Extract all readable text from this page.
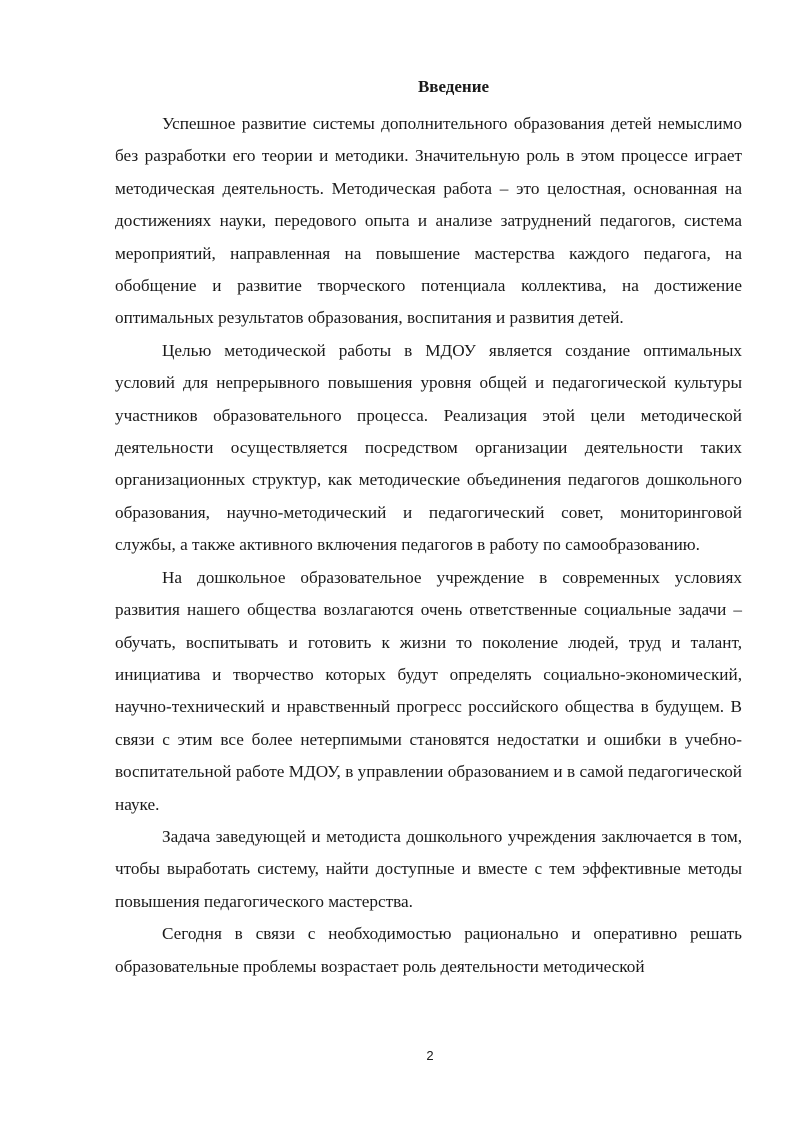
Введение

Успешное развитие системы дополнительного образования детей немыслимо без разработки его теории и методики. Значительную роль в этом процессе играет методическая деятельность. Методическая работа – это целостная, основанная на достижениях науки, передового опыта и анализе затруднений педагогов, система мероприятий, направленная на повышение мастерства каждого педагога, на обобщение и развитие творческого потенциала коллектива, на достижение оптимальных результатов образования, воспитания и развития детей.

Целью методической работы в МДОУ является создание оптимальных условий для непрерывного повышения уровня общей и педагогической культуры участников образовательного процесса. Реализация этой цели методической деятельности осуществляется посредством организации деятельности таких организационных структур, как методические объединения педагогов дошкольного образования, научно-методический и педагогический совет, мониторинговой службы, а также активного включения педагогов в работу по самообразованию.

На дошкольное образовательное учреждение в современных условиях развития нашего общества возлагаются очень ответственные социальные задачи – обучать, воспитывать и готовить к жизни то поколение людей, труд и талант, инициатива и творчество которых будут определять социально-экономический, научно-технический и нравственный прогресс российского общества в будущем. В связи с этим все более нетерпимыми становятся недостатки и ошибки в учебно-воспитательной работе МДОУ, в управлении образованием и в самой педагогической науке.

Задача заведующей и методиста дошкольного учреждения заключается в том, чтобы выработать систему, найти доступные и вместе с тем эффективные методы повышения педагогического мастерства.

Сегодня в связи с необходимостью рационально и оперативно решать образовательные проблемы возрастает роль деятельности методической

2
